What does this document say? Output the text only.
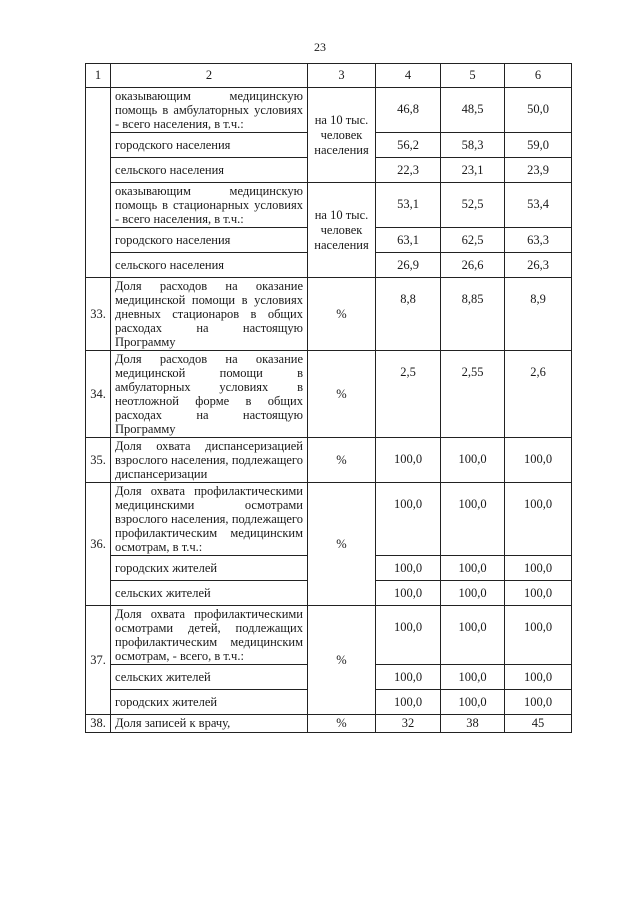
23
1	2	3	4	5	6
	оказывающим медицинскую помощь в амбулаторных условиях - всего населения, в т.ч.:	на 10 тыс. человек населения	46,8	48,5	50,0
	городского населения		56,2	58,3	59,0
	сельского населения		22,3	23,1	23,9
	оказывающим медицинскую помощь в стационарных условиях - всего населения, в т.ч.:	на 10 тыс. человек населения	53,1	52,5	53,4
	городского населения		63,1	62,5	63,3
	сельского населения		26,9	26,6	26,3
33.	Доля расходов на оказание медицинской помощи в условиях дневных стационаров в общих расходах на настоящую Программу	%	8,8	8,85	8,9
34.	Доля расходов на оказание медицинской помощи в амбулаторных условиях в неотложной форме в общих расходах на настоящую Программу	%	2,5	2,55	2,6
35.	Доля охвата диспансеризацией взрослого населения, подлежащего диспансеризации	%	100,0	100,0	100,0
36.	Доля охвата профилактическими медицинскими осмотрами взрослого населения, подлежащего профилактическим медицинским осмотрам, в т.ч.:	%	100,0	100,0	100,0
	городских жителей		100,0	100,0	100,0
	сельских жителей		100,0	100,0	100,0
37.	Доля охвата профилактическими осмотрами детей, подлежащих профилактическим медицинским осмотрам, - всего, в т.ч.:	%	100,0	100,0	100,0
	сельских жителей		100,0	100,0	100,0
	городских жителей		100,0	100,0	100,0
38.	Доля записей к врачу,	%	32	38	45
